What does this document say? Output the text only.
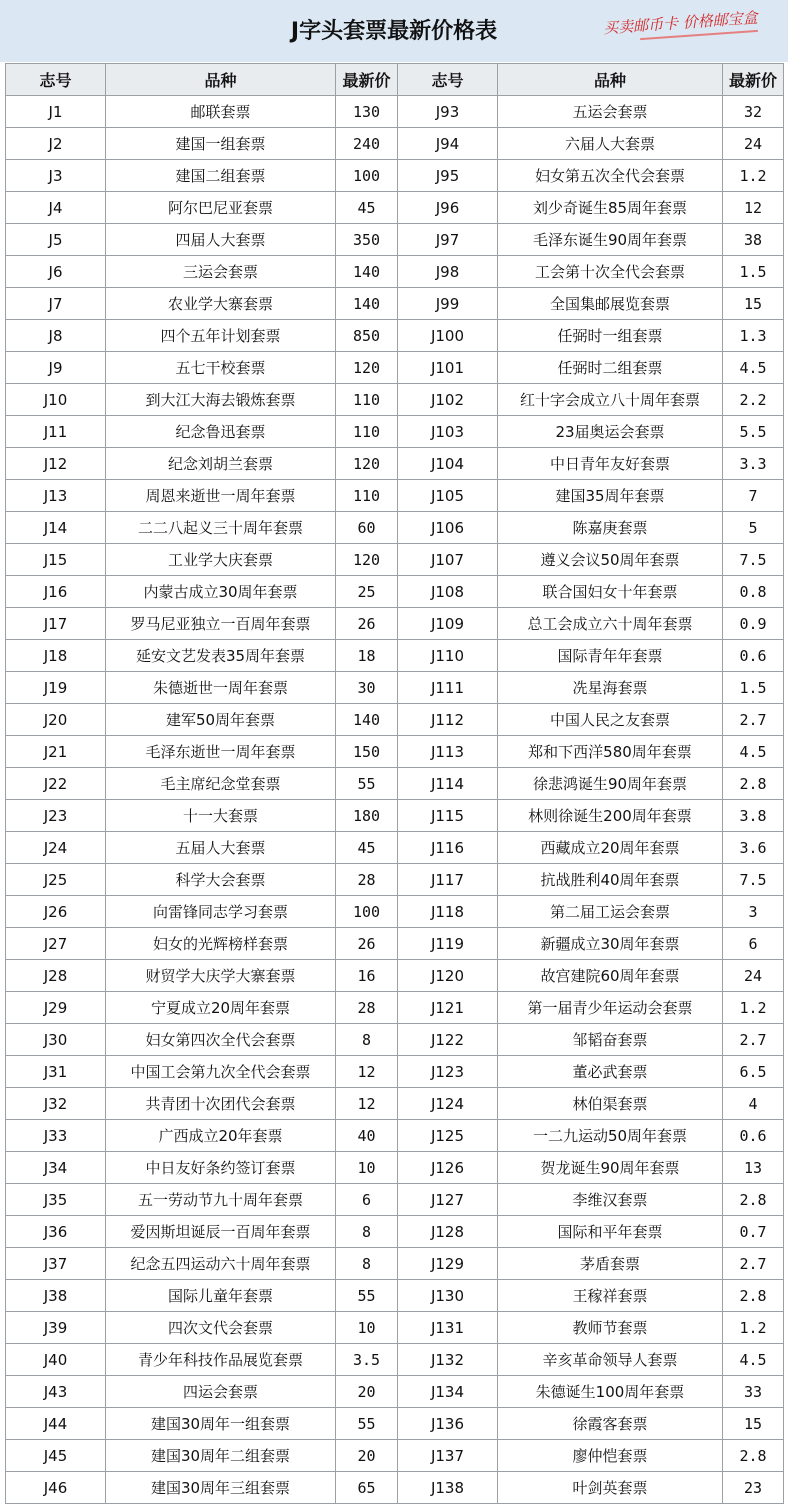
J字头套票最新价格表	买卖邮币卡 价格邮宝盒
志号	品种	最新价	志号	品种	最新价
J1	邮联套票	130	J93	五运会套票	32
J2	建国一组套票	240	J94	六届人大套票	24
J3	建国二组套票	100	J95	妇女第五次全代会套票	1.2
J4	阿尔巴尼亚套票	45	J96	刘少奇诞生85周年套票	12
J5	四届人大套票	350	J97	毛泽东诞生90周年套票	38
J6	三运会套票	140	J98	工会第十次全代会套票	1.5
J7	农业学大寨套票	140	J99	全国集邮展览套票	15
J8	四个五年计划套票	850	J100	任弼时一组套票	1.3
J9	五七干校套票	120	J101	任弼时二组套票	4.5
J10	到大江大海去锻炼套票	110	J102	红十字会成立八十周年套票	2.2
J11	纪念鲁迅套票	110	J103	23届奥运会套票	5.5
J12	纪念刘胡兰套票	120	J104	中日青年友好套票	3.3
J13	周恩来逝世一周年套票	110	J105	建国35周年套票	7
J14	二二八起义三十周年套票	60	J106	陈嘉庚套票	5
J15	工业学大庆套票	120	J107	遵义会议50周年套票	7.5
J16	内蒙古成立30周年套票	25	J108	联合国妇女十年套票	0.8
J17	罗马尼亚独立一百周年套票	26	J109	总工会成立六十周年套票	0.9
J18	延安文艺发表35周年套票	18	J110	国际青年年套票	0.6
J19	朱德逝世一周年套票	30	J111	冼星海套票	1.5
J20	建军50周年套票	140	J112	中国人民之友套票	2.7
J21	毛泽东逝世一周年套票	150	J113	郑和下西洋580周年套票	4.5
J22	毛主席纪念堂套票	55	J114	徐悲鸿诞生90周年套票	2.8
J23	十一大套票	180	J115	林则徐诞生200周年套票	3.8
J24	五届人大套票	45	J116	西藏成立20周年套票	3.6
J25	科学大会套票	28	J117	抗战胜利40周年套票	7.5
J26	向雷锋同志学习套票	100	J118	第二届工运会套票	3
J27	妇女的光辉榜样套票	26	J119	新疆成立30周年套票	6
J28	财贸学大庆学大寨套票	16	J120	故宫建院60周年套票	24
J29	宁夏成立20周年套票	28	J121	第一届青少年运动会套票	1.2
J30	妇女第四次全代会套票	8	J122	邹韬奋套票	2.7
J31	中国工会第九次全代会套票	12	J123	董必武套票	6.5
J32	共青团十次团代会套票	12	J124	林伯渠套票	4
J33	广西成立20年套票	40	J125	一二九运动50周年套票	0.6
J34	中日友好条约签订套票	10	J126	贺龙诞生90周年套票	13
J35	五一劳动节九十周年套票	6	J127	李维汉套票	2.8
J36	爱因斯坦诞辰一百周年套票	8	J128	国际和平年套票	0.7
J37	纪念五四运动六十周年套票	8	J129	茅盾套票	2.7
J38	国际儿童年套票	55	J130	王稼祥套票	2.8
J39	四次文代会套票	10	J131	教师节套票	1.2
J40	青少年科技作品展览套票	3.5	J132	辛亥革命领导人套票	4.5
J43	四运会套票	20	J134	朱德诞生100周年套票	33
J44	建国30周年一组套票	55	J136	徐霞客套票	15
J45	建国30周年二组套票	20	J137	廖仲恺套票	2.8
J46	建国30周年三组套票	65	J138	叶剑英套票	23
